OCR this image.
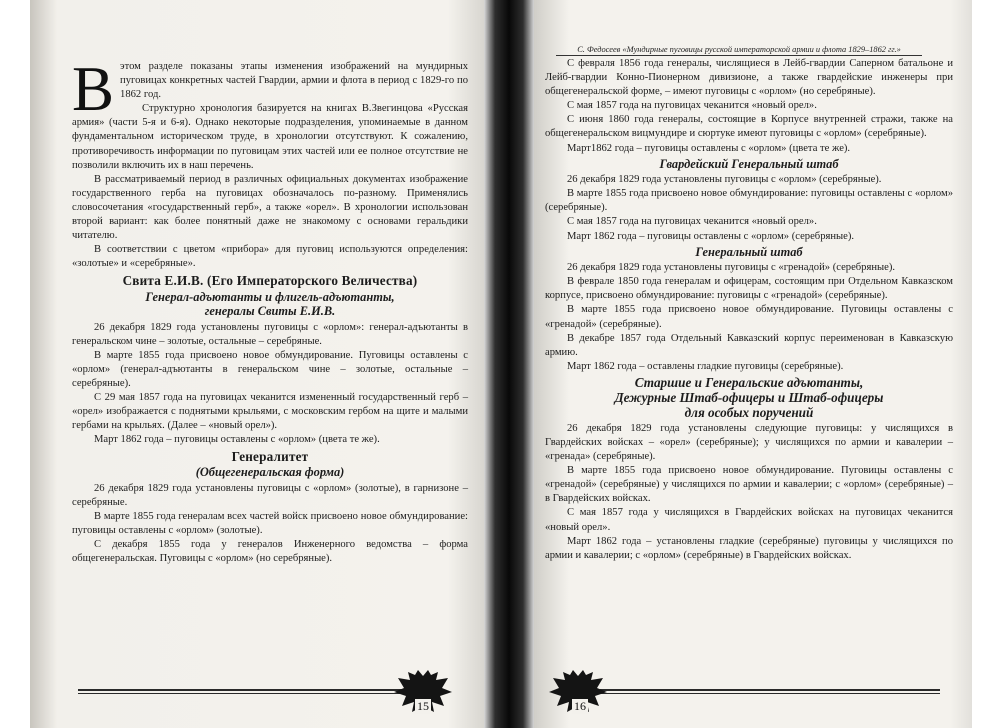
Вэтом разделе показаны этапы изменения изображений на мундирных пуговицах конкретных частей Гвардии, армии и флота в период с 1829-го по 1862 год.

Структурно хронология базируется на книгах В.Звегинцова «Русская армия» (части 5-я и 6-я). Однако некоторые подразделения, упоминаемые в данном фундаментальном историческом труде, в хронологии отсутствуют. К сожалению, противоречивость информации по пуговицам этих частей или ее полное отсутствие не позволили включить их в наш перечень.

В рассматриваемый период в различных официальных документах изображение государственного герба на пуговицах обозначалось по-разному. Применялись словосочетания «государственный герб», а также «орел». В хронологии использован второй вариант: как более понятный даже не знакомому с основами геральдики читателю.

В соответствии с цветом «прибора» для пуговиц используются определения: «золотые» и «серебряные».

Свита Е.И.В. (Его Императорского Величества)
Генерал-адъютанты и флигель-адъютанты,
генералы Свиты Е.И.В.

26 декабря 1829 года установлены пуговицы с «орлом»: генерал-адъютанты в генеральском чине – золотые, остальные – серебряные.

В марте 1855 года присвоено новое обмундирование. Пуговицы оставлены с «орлом» (генерал-адъютанты в генеральском чине – золотые, остальные – серебряные).

С 29 мая 1857 года на пуговицах чеканится измененный государственный герб – «орел» изображается с поднятыми крыльями, с московским гербом на щите и малыми гербами на крыльях. (Далее – «новый орел»).

Март 1862 года – пуговицы оставлены с «орлом» (цвета те же).

Генералитет
(Общегенеральская форма)

26 декабря 1829 года установлены пуговицы с «орлом» (золотые), в гарнизоне – серебряные.

В марте 1855 года генералам всех частей войск присвоено новое обмундирование: пуговицы оставлены с «орлом» (золотые).

С декабря 1855 года у генералов Инженерного ведомства – форма общегенеральская. Пуговицы с «орлом» (но серебряные).

С. Федосеев «Мундирные пуговицы русской императорской армии и флота 1829–1862 гг.»

С февраля 1856 года генералы, числящиеся в Лейб-гвардии Саперном батальоне и Лейб-гвардии Конно-Пионерном дивизионе, а также гвардейские инженеры при общегенеральской форме, – имеют пуговицы с «орлом» (но серебряные).

С мая 1857 года на пуговицах чеканится «новый орел».

С июня 1860 года генералы, состоящие в Корпусе внутренней стражи, также на общегенеральском вицмундире и сюртуке имеют пуговицы с «орлом» (серебряные).

Март1862 года – пуговицы оставлены с «орлом» (цвета те же).

Гвардейский Генеральный штаб

26 декабря 1829 года установлены пуговицы с «орлом» (серебряные).

В марте 1855 года присвоено новое обмундирование: пуговицы оставлены с «орлом» (серебряные).

С мая 1857 года на пуговицах чеканится «новый орел».

Март 1862 года – пуговицы оставлены с «орлом» (серебряные).

Генеральный штаб

26 декабря 1829 года установлены пуговицы с «гренадой» (серебряные).

В феврале 1850 года генералам и офицерам, состоящим при Отдельном Кавказском корпусе, присвоено обмундирование: пуговицы с «гренадой» (серебряные).

В марте 1855 года присвоено новое обмундирование. Пуговицы оставлены с «гренадой» (серебряные).

В декабре 1857 года Отдельный Кавказский корпус переименован в Кавказскую армию.

Март 1862 года – оставлены гладкие пуговицы (серебряные).

Старшие и Генеральские адъютанты,
Дежурные Штаб-офицеры и Штаб-офицеры
для особых поручений

26 декабря 1829 года установлены следующие пуговицы: у числящихся в Гвардейских войсках – «орел» (серебряные); у числящихся по армии и кавалерии – «гренада» (серебряные).

В марте 1855 года присвоено новое обмундирование. Пуговицы оставлены с «гренадой» (серебряные) у числящихся по армии и кавалерии; с «орлом» (серебряные) – в Гвардейских войсках.

С мая 1857 года у числящихся в Гвардейских войсках на пуговицах чеканится «новый орел».

Март 1862 года – установлены гладкие (серебряные) пуговицы у числящихся по армии и кавалерии; с «орлом» (серебряные) в Гвардейских войсках.

15	16
